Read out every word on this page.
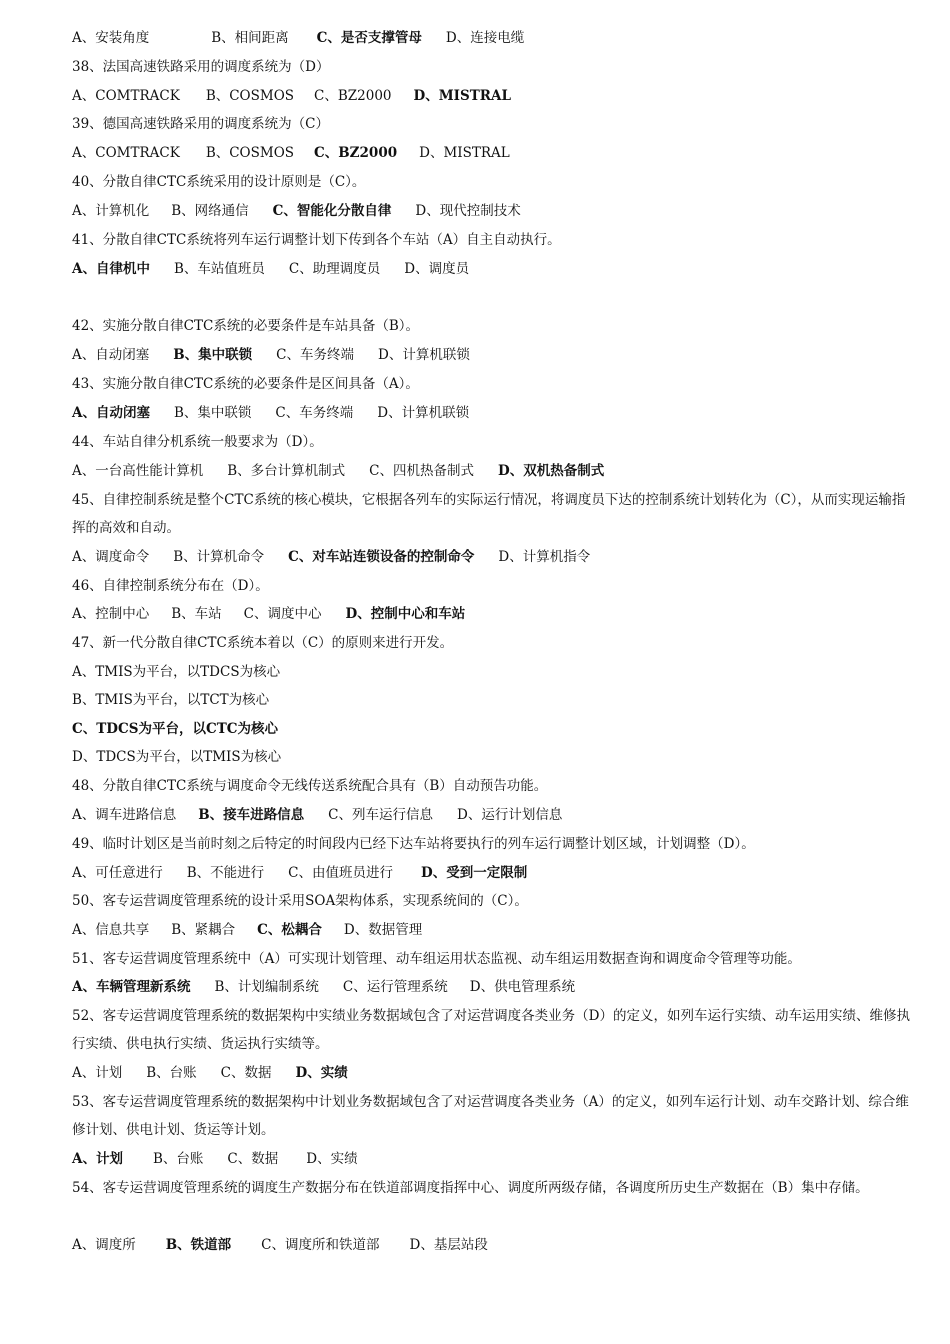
A、安装角度	B、相间距离 C、是否支撑管母 D、连接电缆
38、法国高速铁路采用的调度系统为（D）
A、COMTRACK B、COSMOS C、BZ2000 D、MISTRAL
39、德国高速铁路采用的调度系统为（C）
A、COMTRACK B、COSMOS C、BZ2000 D、MISTRAL
40、分散自律CTC系统采用的设计原则是（C）。
A、计算机化 B、网络通信 C、智能化分散自律 D、现代控制技术
41、分散自律CTC系统将列车运行调整计划下传到各个车站（A）自主自动执行。
A、自律机中 B、车站值班员 C、助理调度员 D、调度员
42、实施分散自律CTC系统的必要条件是车站具备（B）。
A、自动闭塞 B、集中联锁 C、车务终端 D、计算机联锁
43、实施分散自律CTC系统的必要条件是区间具备（A）。
A、自动闭塞 B、集中联锁 C、车务终端 D、计算机联锁
44、车站自律分机系统一般要求为（D）。
A、一台高性能计算机 B、多台计算机制式 C、四机热备制式 D、双机热备制式
45、自律控制系统是整个CTC系统的核心模块，它根据各列车的实际运行情况，将调度员下达的控制系统计划转化为（C），从而实现运输指挥的高效和自动。
A、调度命令 B、计算机命令 C、对车站连锁设备的控制命令 D、计算机指令
46、自律控制系统分布在（D）。
A、控制中心 B、车站 C、调度中心 D、控制中心和车站
47、新一代分散自律CTC系统本着以（C）的原则来进行开发。
A、TMIS为平台，以TDCS为核心
B、TMIS为平台，以TCT为核心
C、TDCS为平台，以CTC为核心
D、TDCS为平台，以TMIS为核心
48、分散自律CTC系统与调度命令无线传送系统配合具有（B）自动预告功能。
A、调车进路信息 B、接车进路信息 C、列车运行信息 D、运行计划信息
49、临时计划区是当前时刻之后特定的时间段内已经下达车站将要执行的列车运行调整计划区域，计划调整（D）。
A、可任意进行 B、不能进行 C、由值班员进行 D、受到一定限制
50、客专运营调度管理系统的设计采用SOA架构体系，实现系统间的（C）。
A、信息共享 B、紧耦合 C、松耦合 D、数据管理
51、客专运营调度管理系统中（A）可实现计划管理、动车组运用状态监视、动车组运用数据查询和调度命令管理等功能。
A、车辆管理新系统 B、计划编制系统 C、运行管理系统 D、供电管理系统
52、客专运营调度管理系统的数据架构中实绩业务数据域包含了对运营调度各类业务（D）的定义，如列车运行实绩、动车运用实绩、维修执行实绩、供电执行实绩、货运执行实绩等。
A、计划 B、台账 C、数据 D、实绩
53、客专运营调度管理系统的数据架构中计划业务数据域包含了对运营调度各类业务（A）的定义，如列车运行计划、动车交路计划、综合维修计划、供电计划、货运等计划。
A、计划 B、台账 C、数据 D、实绩
54、客专运营调度管理系统的调度生产数据分布在铁道部调度指挥中心、调度所两级存储，各调度所历史生产数据在（B）集中存储。
A、调度所 B、铁道部 C、调度所和铁道部 D、基层站段
